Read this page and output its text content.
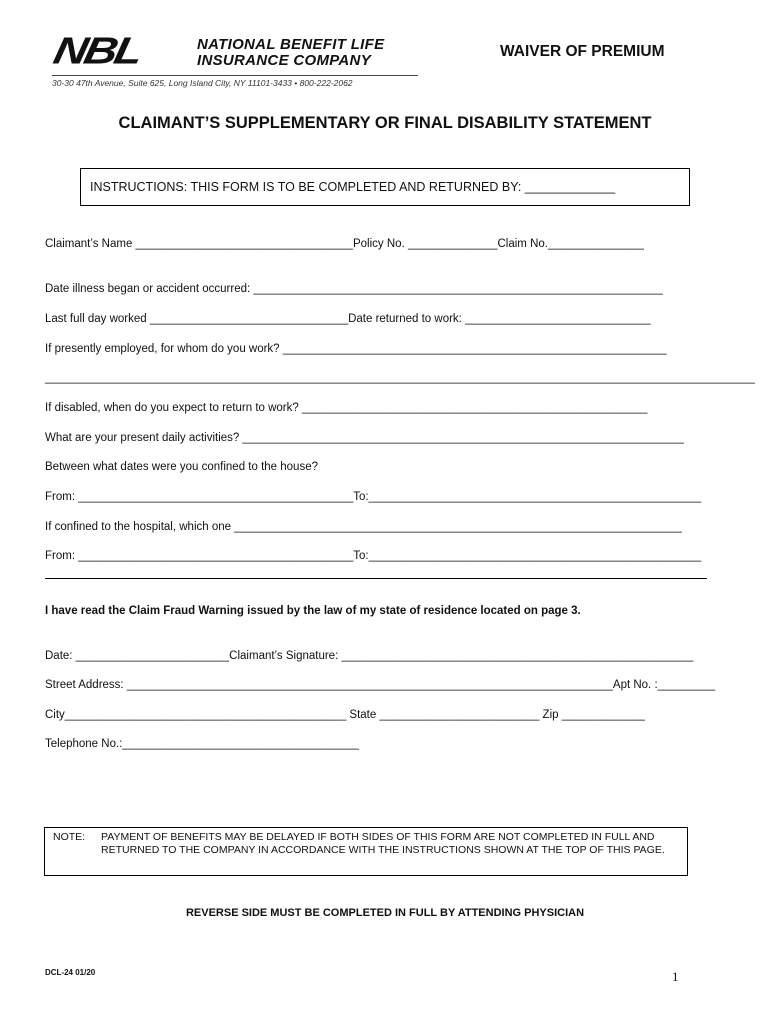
NBL	NATIONAL BENEFIT LIFE
INSURANCE COMPANY
30-30 47th Avenue, Suite 625, Long Island City, NY 11101-3433 • 800-222-2062
WAIVER OF PREMIUM
CLAIMANT’S SUPPLEMENTARY OR FINAL DISABILITY STATEMENT
INSTRUCTIONS: THIS FORM IS TO BE COMPLETED AND RETURNED BY: _____________
Claimant’s Name __________________________________Policy No. ______________Claim No._______________
Date illness began or accident occurred: ________________________________________________________________
Last full day worked _______________________________Date returned to work: _____________________________
If presently employed, for whom do you work? ____________________________________________________________
_______________________________________________________________________________________________________________
If disabled, when do you expect to return to work? ______________________________________________________
What are your present daily activities? _____________________________________________________________________
Between what dates were you confined to the house?
From: ___________________________________________To:____________________________________________________
If confined to the hospital, which one ______________________________________________________________________
From: ___________________________________________To:____________________________________________________
I have read the Claim Fraud Warning issued by the law of my state of residence located on page 3.
Date: ________________________Claimant’s Signature: _______________________________________________________
Street Address: ____________________________________________________________________________Apt No. :_________
City____________________________________________ State _________________________ Zip _____________
Telephone No.:_____________________________________
NOTE: PAYMENT OF BENEFITS MAY BE DELAYED IF BOTH SIDES OF THIS FORM ARE NOT COMPLETED IN FULL AND RETURNED TO THE COMPANY IN ACCORDANCE WITH THE INSTRUCTIONS SHOWN AT THE TOP OF THIS PAGE.
REVERSE SIDE MUST BE COMPLETED IN FULL BY ATTENDING PHYSICIAN
DCL-24 01/20	1
